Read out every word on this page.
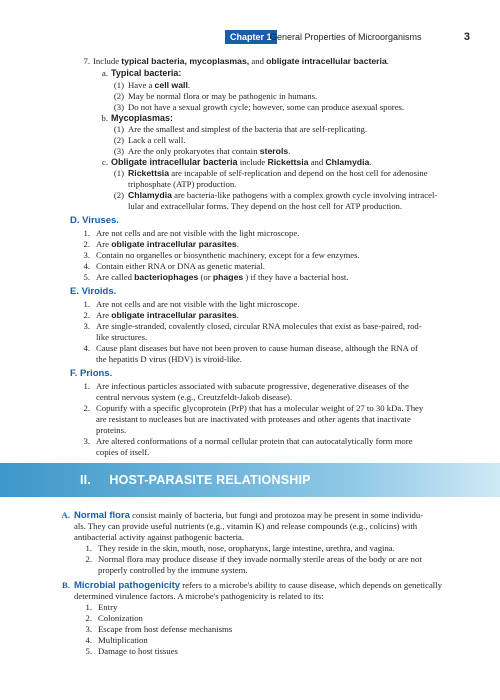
Chapter 1
General Properties of Microorganisms	3
7. Include typical bacteria, mycoplasmas, and obligate intracellular bacteria.
a. Typical bacteria:
(1) Have a cell wall.
(2) May be normal flora or may be pathogenic in humans.
(3) Do not have a sexual growth cycle; however, some can produce asexual spores.
b. Mycoplasmas:
(1) Are the smallest and simplest of the bacteria that are self-replicating.
(2) Lack a cell wall.
(3) Are the only prokaryotes that contain sterols.
c. Obligate intracellular bacteria include Rickettsia and Chlamydia.
(1) Rickettsia are incapable of self-replication and depend on the host cell for adenosine
triphosphate (ATP) production.
(2) Chlamydia are bacteria-like pathogens with a complex growth cycle involving intracel-
lular and extracellular forms. They depend on the host cell for ATP production.
D. Viruses.
1. Are not cells and are not visible with the light microscope.
2. Are obligate intracellular parasites.
3. Contain no organelles or biosynthetic machinery, except for a few enzymes.
4. Contain either RNA or DNA as genetic material.
5. Are called bacteriophages (or phages ) if they have a bacterial host.
E. Viroids.
1. Are not cells and are not visible with the light microscope.
2. Are obligate intracellular parasites.
3. Are single-stranded, covalently closed, circular RNA molecules that exist as base-paired, rod-
like structures.
4. Cause plant diseases but have not been proven to cause human disease, although the RNA of
the hepatitis D virus (HDV) is viroid-like.
F. Prions.
1. Are infectious particles associated with subacute progressive, degenerative diseases of the
central nervous system (e.g., Creutzfeldt-Jakob disease).
2. Copurify with a specific glycoprotein (PrP) that has a molecular weight of 27 to 30 kDa. They
are resistant to nucleases but are inactivated with proteases and other agents that inactivate
proteins.
II. HOST-PARASITE RELATIONSHIP
A. Normal flora consist mainly of bacteria, but fungi and protozoa may be present in some individu-
als. They can provide useful nutrients (e.g., vitamin K) and release compounds (e.g., colicins) with
antibacterial activity against pathogenic bacteria.
1. They reside in the skin, mouth, nose, oropharynx, large intestine, urethra, and vagina.
2. Normal flora may produce disease if they invade normally sterile areas of the body or are not
properly controlled by the immune system.
B. Microbial pathogenicity refers to a microbe's ability to cause disease, which depends on genetically
determined virulence factors. A microbe's pathogenicity is related to its:
1. Entry
2. Colonization
3. Escape from host defense mechanisms
4. Multiplication
5. Damage to host tissues
3. Are altered conformations of a normal cellular protein that can autocatalytically form more
copies of itself.
